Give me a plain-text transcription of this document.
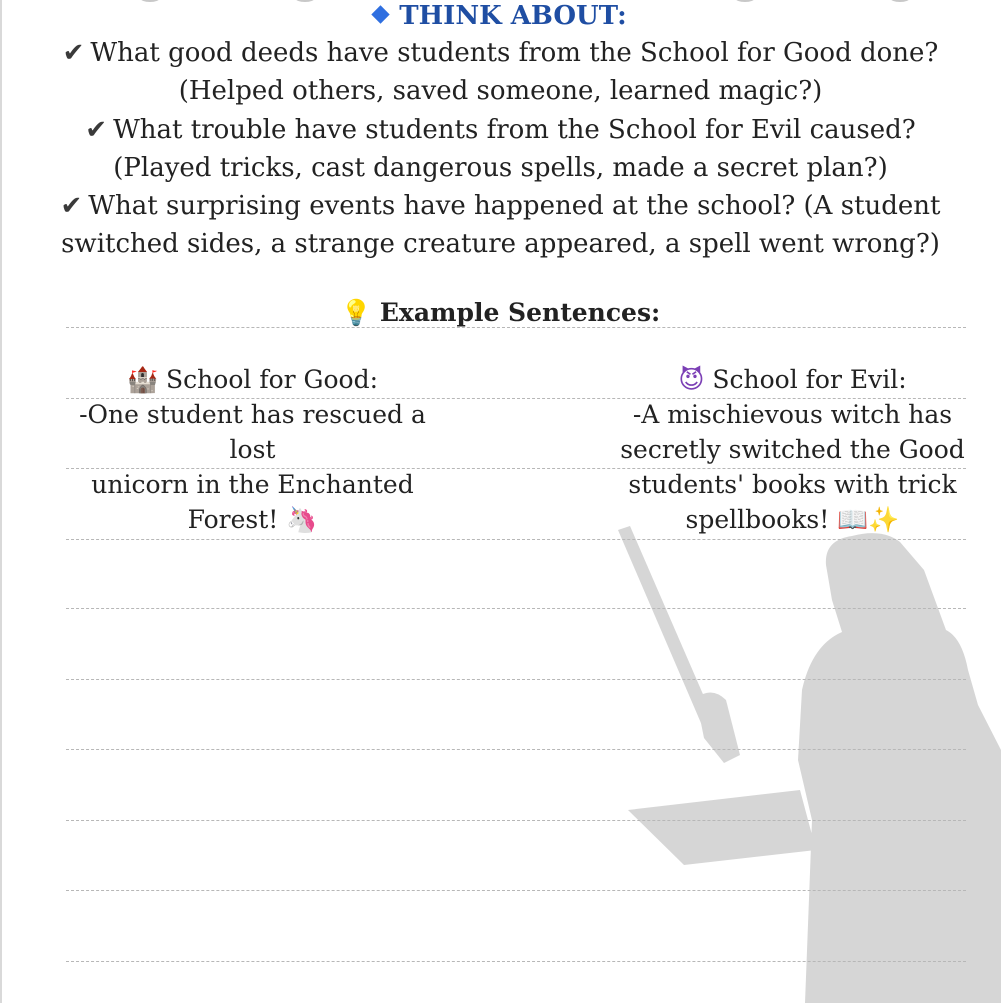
THINK ABOUT:
✔ What good deeds have students from the School for Good done?
(Helped others, saved someone, learned magic?)
✔ What trouble have students from the School for Evil caused?
(Played tricks, cast dangerous spells, made a secret plan?)
✔ What surprising events have happened at the school? (A student
switched sides, a strange creature appeared, a spell went wrong?)
💡 Example Sentences:
🏰 School for Good:
-One student has rescued a lost
unicorn in the Enchanted
Forest! 🦄
😈 School for Evil:
-A mischievous witch has
secretly switched the Good
students' books with trick
spellbooks! 📖✨
